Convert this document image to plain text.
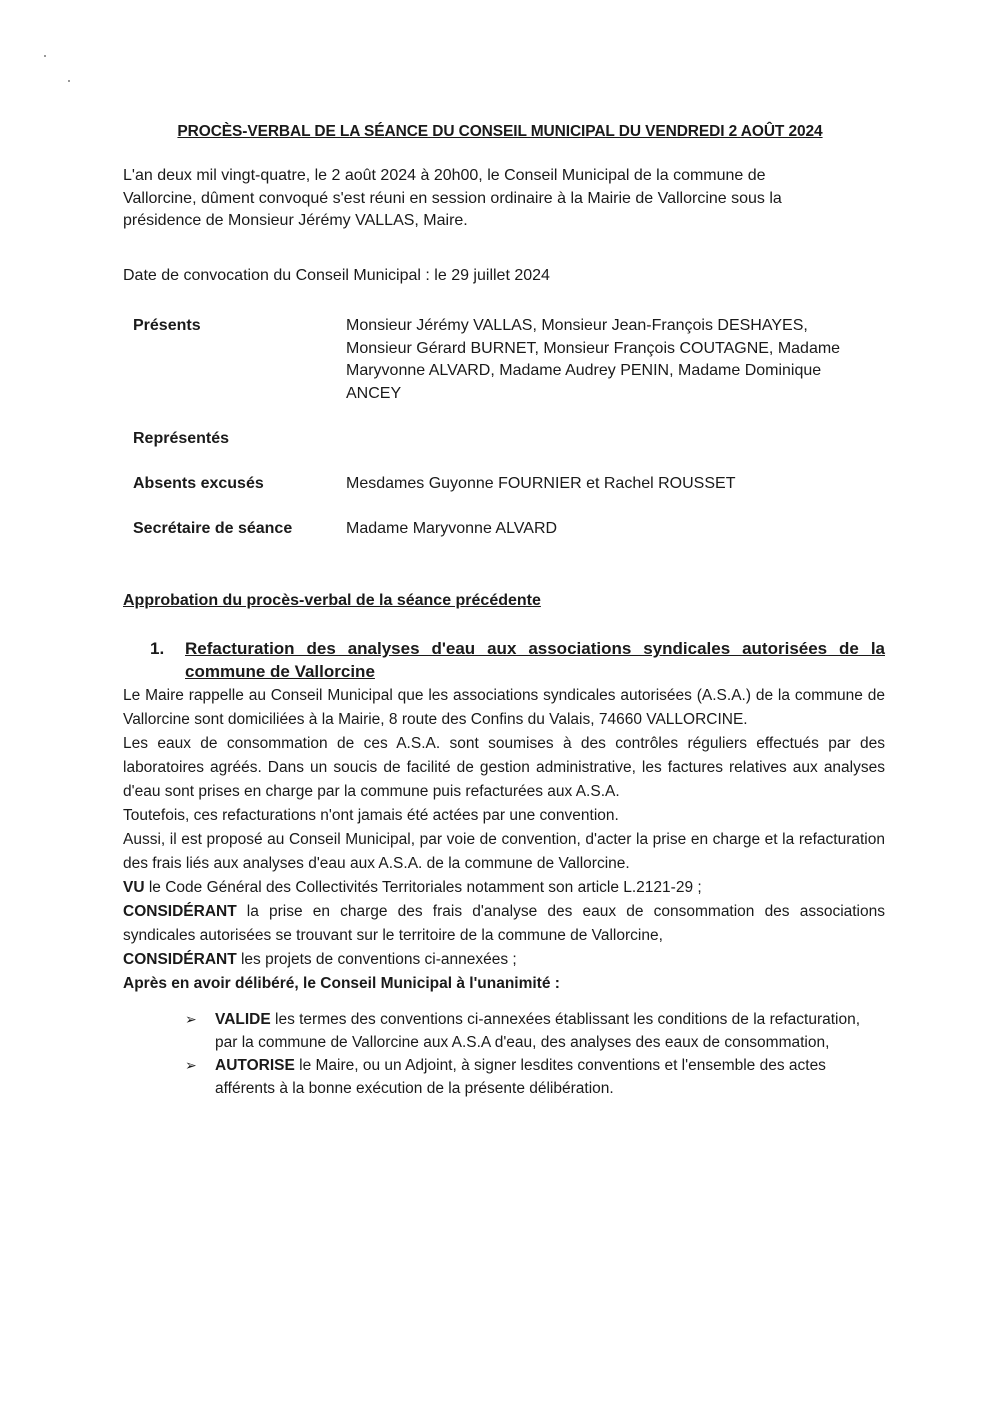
PROCÈS-VERBAL DE LA SÉANCE DU CONSEIL MUNICIPAL DU VENDREDI 2 AOÛT 2024
L'an deux mil vingt-quatre, le 2 août 2024 à 20h00, le Conseil Municipal de la commune de Vallorcine, dûment convoqué s'est réuni en session ordinaire à la Mairie de Vallorcine sous la présidence de Monsieur Jérémy VALLAS, Maire.
Date de convocation du Conseil Municipal : le 29 juillet 2024
Présents	Monsieur Jérémy VALLAS, Monsieur Jean-François DESHAYES, Monsieur Gérard BURNET, Monsieur François COUTAGNE, Madame Maryvonne ALVARD, Madame Audrey PENIN, Madame Dominique ANCEY
Représentés
Absents excusés	Mesdames Guyonne FOURNIER et Rachel ROUSSET
Secrétaire de séance	Madame Maryvonne ALVARD
Approbation du procès-verbal de la séance précédente
1. Refacturation des analyses d'eau aux associations syndicales autorisées de la commune de Vallorcine

Le Maire rappelle au Conseil Municipal que les associations syndicales autorisées (A.S.A.) de la commune de Vallorcine sont domiciliées à la Mairie, 8 route des Confins du Valais, 74660 VALLORCINE.

Les eaux de consommation de ces A.S.A. sont soumises à des contrôles réguliers effectués par des laboratoires agréés. Dans un soucis de facilité de gestion administrative, les factures relatives aux analyses d'eau sont prises en charge par la commune puis refacturées aux A.S.A.

Toutefois, ces refacturations n'ont jamais été actées par une convention.

Aussi, il est proposé au Conseil Municipal, par voie de convention, d'acter la prise en charge et la refacturation des frais liés aux analyses d'eau aux A.S.A. de la commune de Vallorcine.

VU le Code Général des Collectivités Territoriales notamment son article L.2121-29 ;

CONSIDÉRANT la prise en charge des frais d'analyse des eaux de consommation des associations syndicales autorisées se trouvant sur le territoire de la commune de Vallorcine,

CONSIDÉRANT les projets de conventions ci-annexées ;

Après en avoir délibéré, le Conseil Municipal à l'unanimité :

➢ VALIDE les termes des conventions ci-annexées établissant les conditions de la refacturation, par la commune de Vallorcine aux A.S.A d'eau, des analyses des eaux de consommation,
➢ AUTORISE le Maire, ou un Adjoint, à signer lesdites conventions et l'ensemble des actes afférents à la bonne exécution de la présente délibération.
